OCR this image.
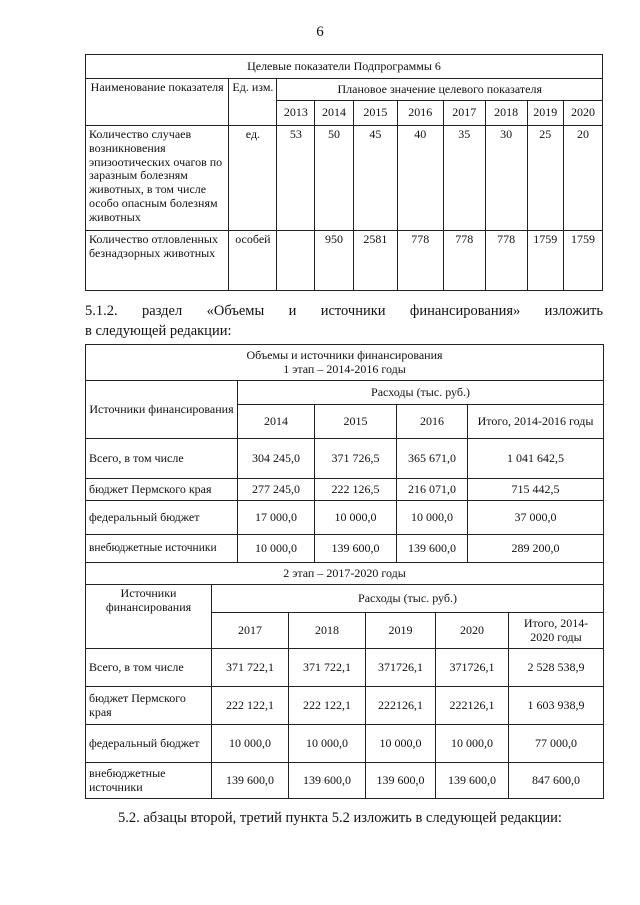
6
Целевые показатели Подпрограммы 6									
Наименование показателя	Ед. изм.	Плановое значение целевого показателя							
		2013	2014	2015	2016	2017	2018	2019	2020
Количество случаев возникновения эпизоотических очагов по заразным болезням животных, в том числе особо опасным болезням животных	ед.	53	50	45	40	35	30	25	20
Количество отловленных безнадзорных животных	особей		950	2581	778	778	778	1759	1759
5.1.2. раздел «Объемы и источники финансирования» изложить
в следующей редакции:
Объемы и источники финансирования
1 этап – 2014-2016 годы				

Источники финансирования	Расходы (тыс. руб.)			
	2014	2015	2016	Итого, 2014-2016 годы
Всего, в том числе	304 245,0	371 726,5	365 671,0	1 041 642,5
бюджет Пермского края	277 245,0	222 126,5	216 071,0	715 442,5
федеральный бюджет	17 000,0	10 000,0	10 000,0	37 000,0
внебюджетные источники	10 000,0	139 600,0	139 600,0	289 200,0
2 этап – 2017-2020 годы					
Источники финансирования	Расходы (тыс. руб.)				
	2017	2018	2019	2020	Итого, 2014-2020 годы
Всего, в том числе	371 722,1	371 722,1	371726,1	371726,1	2 528 538,9
бюджет Пермского края	222 122,1	222 122,1	222126,1	222126,1	1 603 938,9
федеральный бюджет	10 000,0	10 000,0	10 000,0	10 000,0	77 000,0
внебюджетные источники	139 600,0	139 600,0	139 600,0	139 600,0	847 600,0
5.2. абзацы второй, третий пункта 5.2 изложить в следующей редакции:
